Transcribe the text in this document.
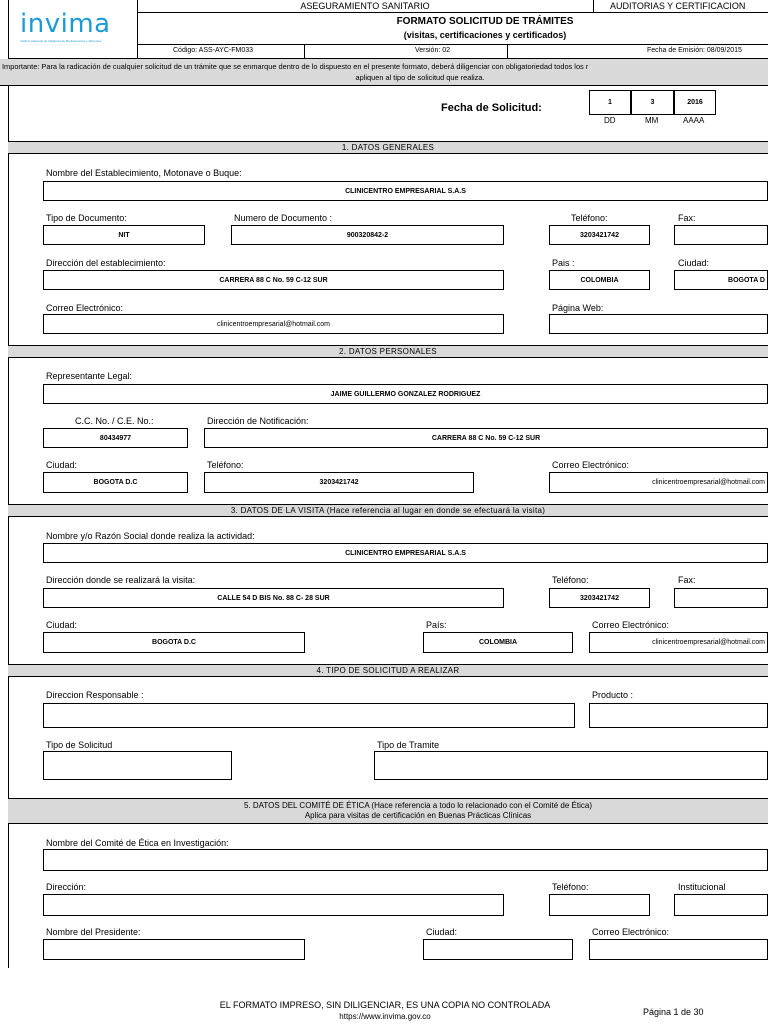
invima
Instituto Nacional de Vigilancia de Medicamentos y Alimentos
ASEGURAMIENTO SANITARIO	AUDITORIAS Y CERTIFICACION
FORMATO SOLICITUD DE TRÁMITES
(visitas, certificaciones y certificados)
Código: ASS-AYC-FM033	Versión: 02	Fecha de Emisión: 08/09/2015
Importante: Para la radicación de cualquier solicitud de un trámite que se enmarque dentro de lo dispuesto en el presente formato, deberá diligenciar con obligatoriedad todos los r
apliquen al tipo de solicitud que realiza.
Fecha de Solicitud:	1	3	2016
DD	MM	AAAA
1. DATOS GENERALES
Nombre del Establecimiento, Motonave o Buque:
CLINICENTRO EMPRESARIAL S.A.S
Tipo de Documento:
NIT
Numero de Documento :
900320842-2
Teléfono:
3203421742
Fax:
Dirección del establecimiento:
CARRERA 88 C No. 59 C-12 SUR
Pais :
COLOMBIA
Ciudad:
BOGOTA D
Correo Electrónico:
clinicentroempresarial@hotmail.com
Página Web:
2. DATOS PERSONALES
Representante Legal:
JAIME GUILLERMO GONZALEZ RODRIGUEZ
C.C. No. / C.E. No.:
80434977
Dirección de Notificación:
CARRERA 88 C No. 59 C-12 SUR
Ciudad:
BOGOTA D.C
Teléfono:
3203421742
Correo Electrónico:
clinicentroempresarial@hotmail.com
3. DATOS DE LA VISITA (Hace referencia al lugar en donde se efectuará la visita)
Nombre y/o Razón Social donde realiza la actividad:
CLINICENTRO EMPRESARIAL S.A.S
Dirección donde se realizará la visita:
CALLE 54 D BIS No. 88 C- 28 SUR
Teléfono:
3203421742
Fax:
Ciudad:
BOGOTA D.C
País:
COLOMBIA
Correo Electrónico:
clinicentroempresarial@hotmail.com
4. TIPO DE SOLICITUD A REALIZAR
Direccion Responsable :	Producto :
Tipo de Solicitud	Tipo de Tramite
5. DATOS DEL COMITÉ DE ÉTICA (Hace referencia a todo lo relacionado con el Comité de Ética)
Aplica para visitas de certificación en Buenas Prácticas Clínicas
Nombre del Comité de Ética en Investigación:
Dirección:	Teléfono:	Institucional
Nombre del Presidente:	Ciudad:	Correo Electrónico:
EL FORMATO IMPRESO, SIN DILIGENCIAR, ES UNA COPIA NO CONTROLADA
https://www.invima.gov.co	Página 1 de 30
